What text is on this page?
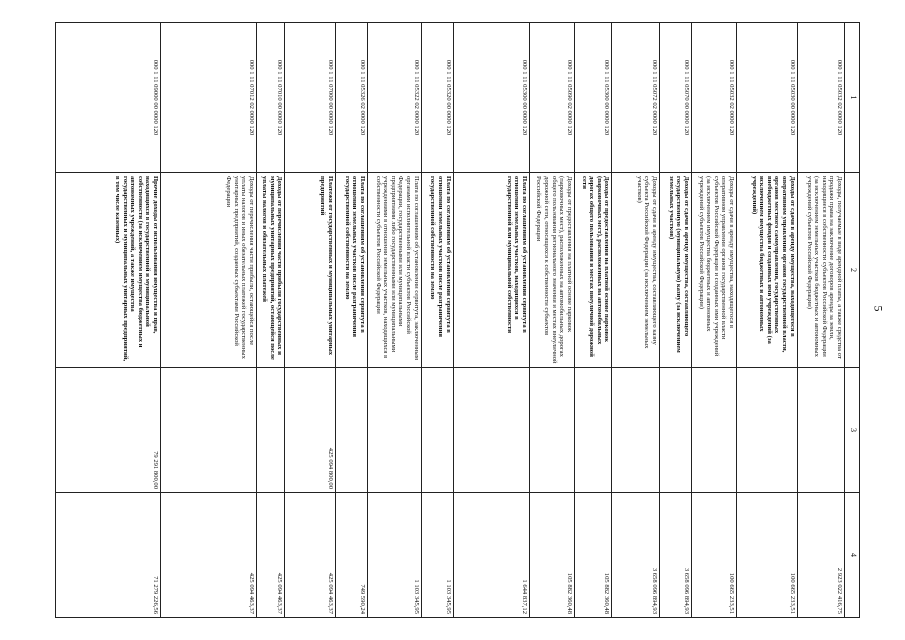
5
1	2	3	4
000 1 11 05032 02 0000 120	Доходы, получаемые в виде арендной платы, а также средства от продажи права на заключение договоров аренды за земли, находящиеся в собственности субъектов Российской Федерации (за исключением земельных участков бюджетных и автономных учреждений субъектов Российской Федерации)		2 923 022 416,75
000 1 11 05030 00 0000 120	Доходы от сдачи в аренду имущества, находящегося в оперативном управлении органов государственной власти, органов местного самоуправления, государственных внебюджетных фондов и созданных ими учреждений (за исключением имущества бюджетных и автономных учреждений)		100 665 233,51
000 1 11 05032 02 0000 120	Доходы от сдачи в аренду имущества, находящегося в оперативном управлении органов государственной власти субъектов Российской Федерации и созданных ими учреждений (за исключением имущества бюджетных и автономных учреждений субъектов Российской Федерации)		100 665 233,51
000 1 11 05070 00 0000 120	Доходы от сдачи в аренду имущества, составляющего государственную (муниципальную) казну (за исключением земельных участков)		3 658 096 894,93
000 1 11 05072 02 0000 120	Доходы от сдачи в аренду имущества, составляющего казну субъекта Российской Федерации (за исключением земельных участков)		3 658 096 894,93
000 1 11 05300 00 0000 120	Доходы от предоставления на платной основе парковок (парковочных мест), расположенных на автомобильных дорогах общего пользования и местах внеуличной дорожной сети		105 882 360,48
000 1 11 05090 02 0000 120	Доходы от предоставления на платной основе парковок (парковочных мест), расположенных на автомобильных дорогах общего пользования регионального значения и местах внеуличной дорожной сети, относящихся к собственности субъектов Российской Федерации		105 882 360,48
000 1 11 05300 00 0000 120	Плата по соглашениям об установлении сервитута в отношении земельных участков, находящихся в государственной или муниципальной собственности		1 644 837,12
000 1 11 05320 00 0000 120	Плата по соглашениям об установлении сервитута в отношении земельных участков после разграничения государственной собственности на землю		1 103 345,95
000 1 11 05322 02 0000 120	Плата по соглашениям об установлении сервитута, заключенным органами исполнительной власти субъектов Российской Федерации, государственными или муниципальными предприятиями либо государственными или муниципальными учреждениями в отношении земельных участков, находящихся в собственности субъектов Российской Федерации		1 103 345,95
000 1 11 05326 02 0000 120	Плата по соглашениям об установлении сервитута в отношении земельных участков после разграничения государственной собственности на землю		749 590,24
000 1 11 07000 00 0000 120	Платежи от государственных и муниципальных унитарных предприятий	425 094 800,00	425 094 463,37
000 1 11 07010 00 0000 120	Доходы от перечисления части прибыли государственных и муниципальных унитарных предприятий, остающейся после уплаты налогов и обязательных платежей		425 094 463,37
000 1 11 07012 02 0000 120	Доходы от перечисления части прибыли, остающейся после уплаты налогов и иных обязательных платежей государственных унитарных предприятий, созданных субъектами Российской Федерации		425 094 463,37
000 1 11 09000 00 0000 120	Прочие доходы от использования имущества и прав, находящихся в государственной и муниципальной собственности (за исключением имущества бюджетных и автономных учреждений, а также имущества государственных и муниципальных унитарных предприятий, в том числе казенных)	79 291 800,00	71 279 226,56
